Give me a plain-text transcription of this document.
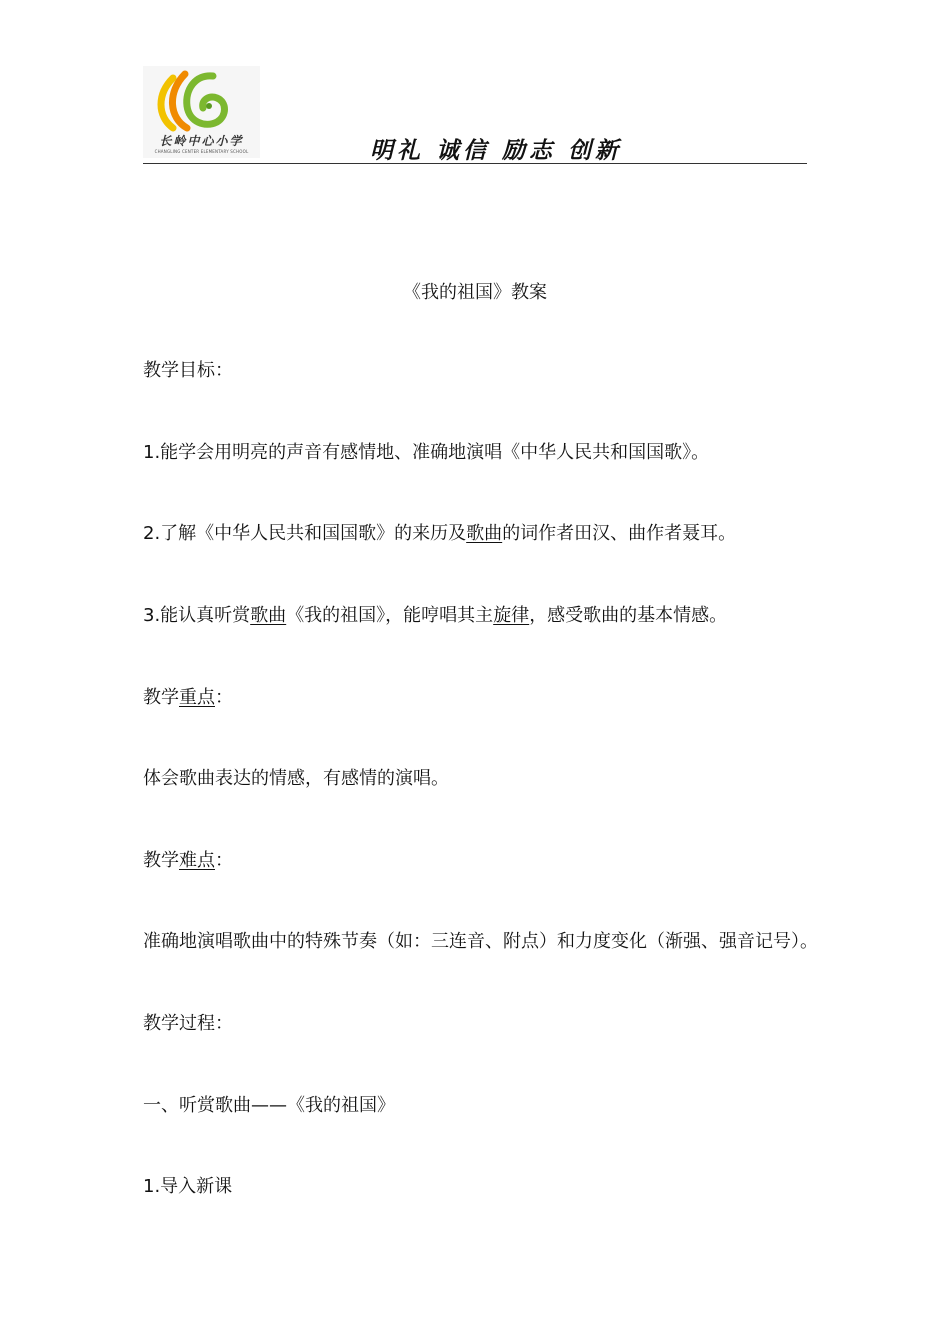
长岭中心小学
CHANGLING CENTER ELEMENTARY SCHOOL	明礼 诚信 励志 创新
《我的祖国》教案
教学目标：
1.能学会用明亮的声音有感情地、准确地演唱《中华人民共和国国歌》。
2.了解《中华人民共和国国歌》的来历及歌曲的词作者田汉、曲作者聂耳。
3.能认真听赏歌曲《我的祖国》，能哼唱其主旋律，感受歌曲的基本情感。
教学重点：
体会歌曲表达的情感，有感情的演唱。
教学难点：
准确地演唱歌曲中的特殊节奏（如：三连音、附点）和力度变化（渐强、强音记号）。
教学过程：
一、听赏歌曲——《我的祖国》
1.导入新课
